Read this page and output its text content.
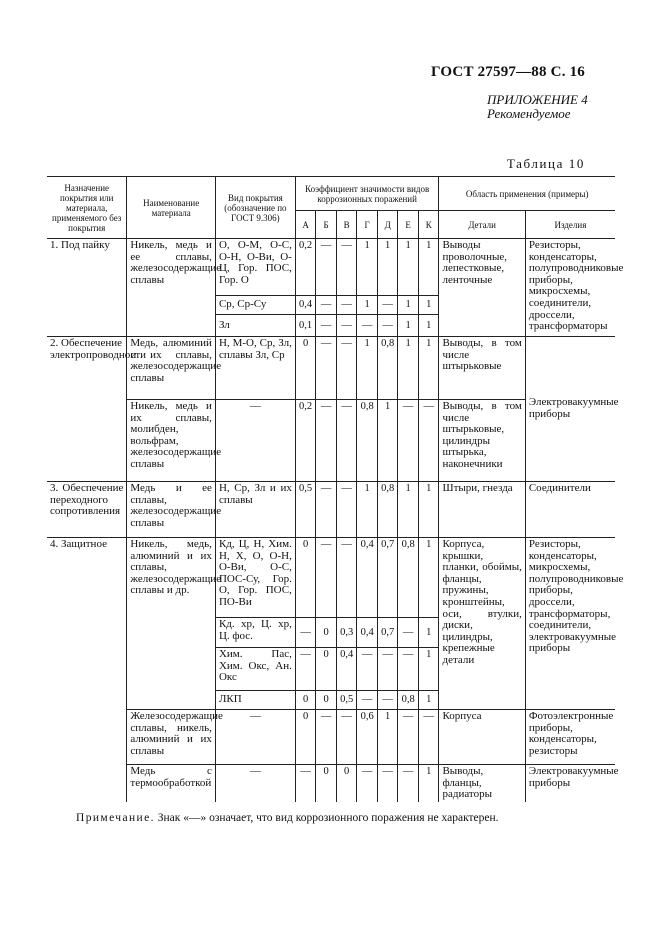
ГОСТ 27597—88 С. 16
ПРИЛОЖЕНИЕ 4
Рекомендуемое
Таблица 10
Назначение покрытия или материала, применяемого без покрытия	Наименование материала	Вид покрытия (обозначение по ГОСТ 9.306)	Коэффициент значимости видов коррозионных поражений							Область применения (примеры)	
			А	Б	В	Г	Д	Е	К	Детали	Изделия
1. Под пайку	Никель, медь и ее сплавы, железосодержащие сплавы	О, О-М, О-С, О-Н, О-Ви, О-Ц, Гор. ПОС, Гор. О	0,2	—	—	1	1	1	1	Выводы проволочные, лепестковые, ленточные	Резисторы, конденсаторы, полупроводниковые приборы, микросхемы, соединители, дроссели, трансформаторы
		Ср, Ср-Су	0,4	—	—	1	—	1	1		
		Зл	0,1	—	—	—	—	1	1		
2. Обеспечение электропроводности	Медь, алюминий и их сплавы, железосодержащие сплавы	Н, М-О, Ср, Зл, сплавы Зл, Ср	0	—	—	1	0,8	1	1	Выводы, в том числе штырьковые	Электровакуумные приборы
	Никель, медь и их сплавы, молибден, вольфрам, железосодержащие сплавы	—	0,2	—	—	0,8	1	—	—	Выводы, в том числе штырьковые, цилиндры штырька, наконечники	
3. Обеспечение переходного сопротивления	Медь и ее сплавы, железосодержащие сплавы	Н, Ср, Зл и их сплавы	0,5	—	—	1	0,8	1	1	Штыри, гнезда	Соединители
4. Защитное	Никель, медь, алюминий и их сплавы, железосодержащие сплавы и др.	Кд, Ц, Н, Хим. Н, Х, О, О-Н, О-Ви, О-С, ПОС-Су, Гор. О, Гор. ПОС, ПО-Ви	0	—	—	0,4	0,7	0,8	1	Корпуса, крышки, планки, обоймы, фланцы, пружины, кронштейны, оси, втулки, диски, цилиндры, крепежные детали	Резисторы, конденсаторы, микросхемы, полупроводниковые приборы, дроссели, трансформаторы, соединители, электровакуумные приборы
		Кд. хр, Ц. хр, Ц. фос.	—	0	0,3	0,4	0,7	—	1		
		Хим. Пас, Хим. Окс, Ан. Окс	—	0	0,4	—	—	—	1		
		ЛКП	0	0	0,5	—	—	0,8	1		
	Железосодержащие сплавы, никель, алюминий и их сплавы	—	0	—	—	0,6	1	—	—	Корпуса	Фотоэлектронные приборы, конденсаторы, резисторы
	Медь с термообработкой	—	—	0	0	—	—	—	1	Выводы, фланцы, радиаторы	Электровакуумные приборы
Примечание. Знак «—» означает, что вид коррозионного поражения не характерен.
